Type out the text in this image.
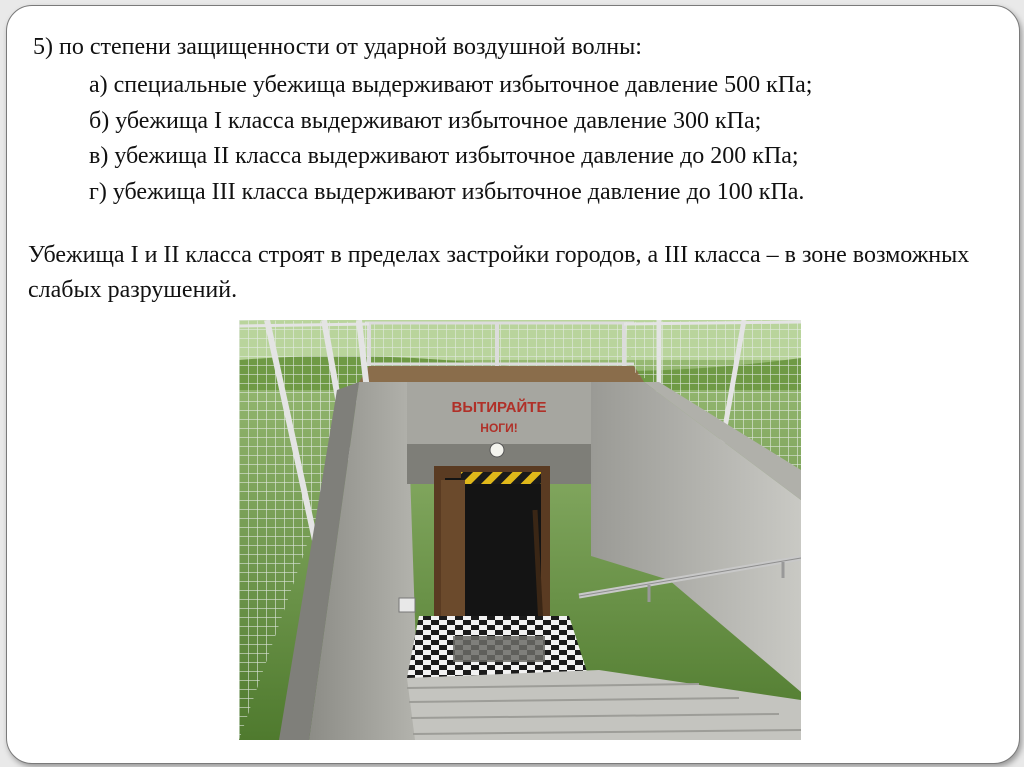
5) по степени защищенности от ударной воздушной волны:
а) специальные убежища выдерживают избыточное давление 500 кПа;
б) убежища I класса выдерживают избыточное давление 300 кПа;
в) убежища II класса выдерживают избыточное давление до 200 кПа;
г) убежища III класса выдерживают избыточное давление до 100 кПа.

Убежища I и II класса строят в пределах застройки городов, а III класса – в зоне возможных слабых разрушений.

ВЫТИРАЙТЕ
НОГИ!
